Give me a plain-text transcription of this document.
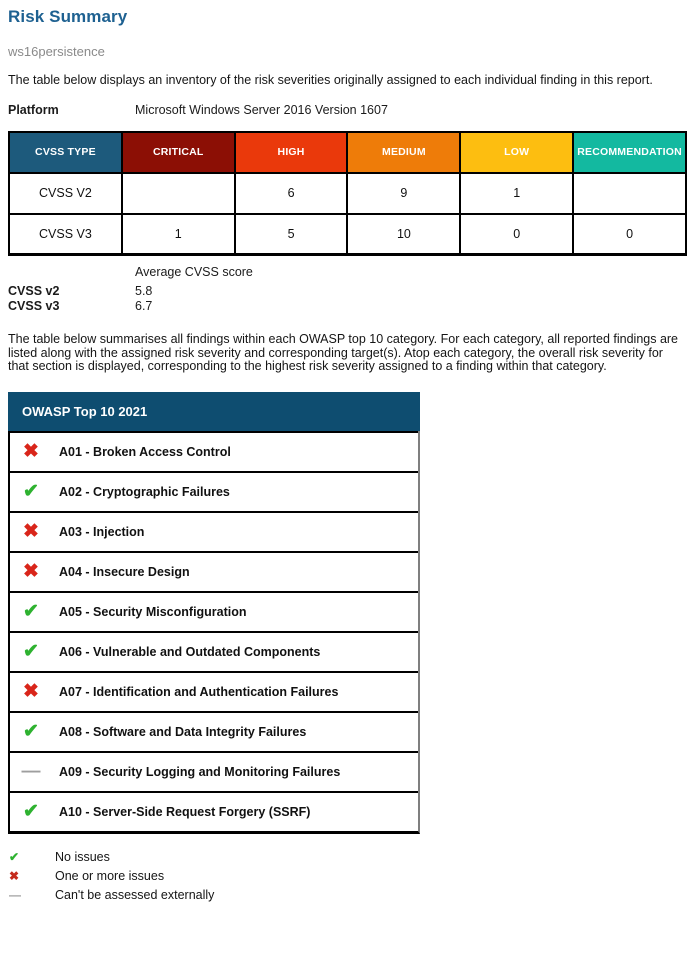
Risk Summary
ws16persistence
The table below displays an inventory of the risk severities originally assigned to each individual finding in this report.
Platform	Microsoft Windows Server 2016 Version 1607
CVSS TYPE	CRITICAL	HIGH	MEDIUM	LOW	RECOMMENDATION
CVSS V2		6	9	1	
CVSS V3	1	5	10	0	0
Average CVSS score
CVSS v2	5.8
CVSS v3	6.7
The table below summarises all findings within each OWASP top 10 category. For each category, all reported findings are listed along with the assigned risk severity and corresponding target(s). Atop each category, the overall risk severity for that section is displayed, corresponding to the highest risk severity assigned to a finding within that category.
OWASP Top 10 2021
✖	A01 - Broken Access Control
✔	A02 - Cryptographic Failures
✖	A03 - Injection
✖	A04 - Insecure Design
✔	A05 - Security Misconfiguration
✔	A06 - Vulnerable and Outdated Components
✖	A07 - Identification and Authentication Failures
✔	A08 - Software and Data Integrity Failures
—	A09 - Security Logging and Monitoring Failures
✔	A10 - Server-Side Request Forgery (SSRF)
✔	No issues
✖	One or more issues
—	Can't be assessed externally
